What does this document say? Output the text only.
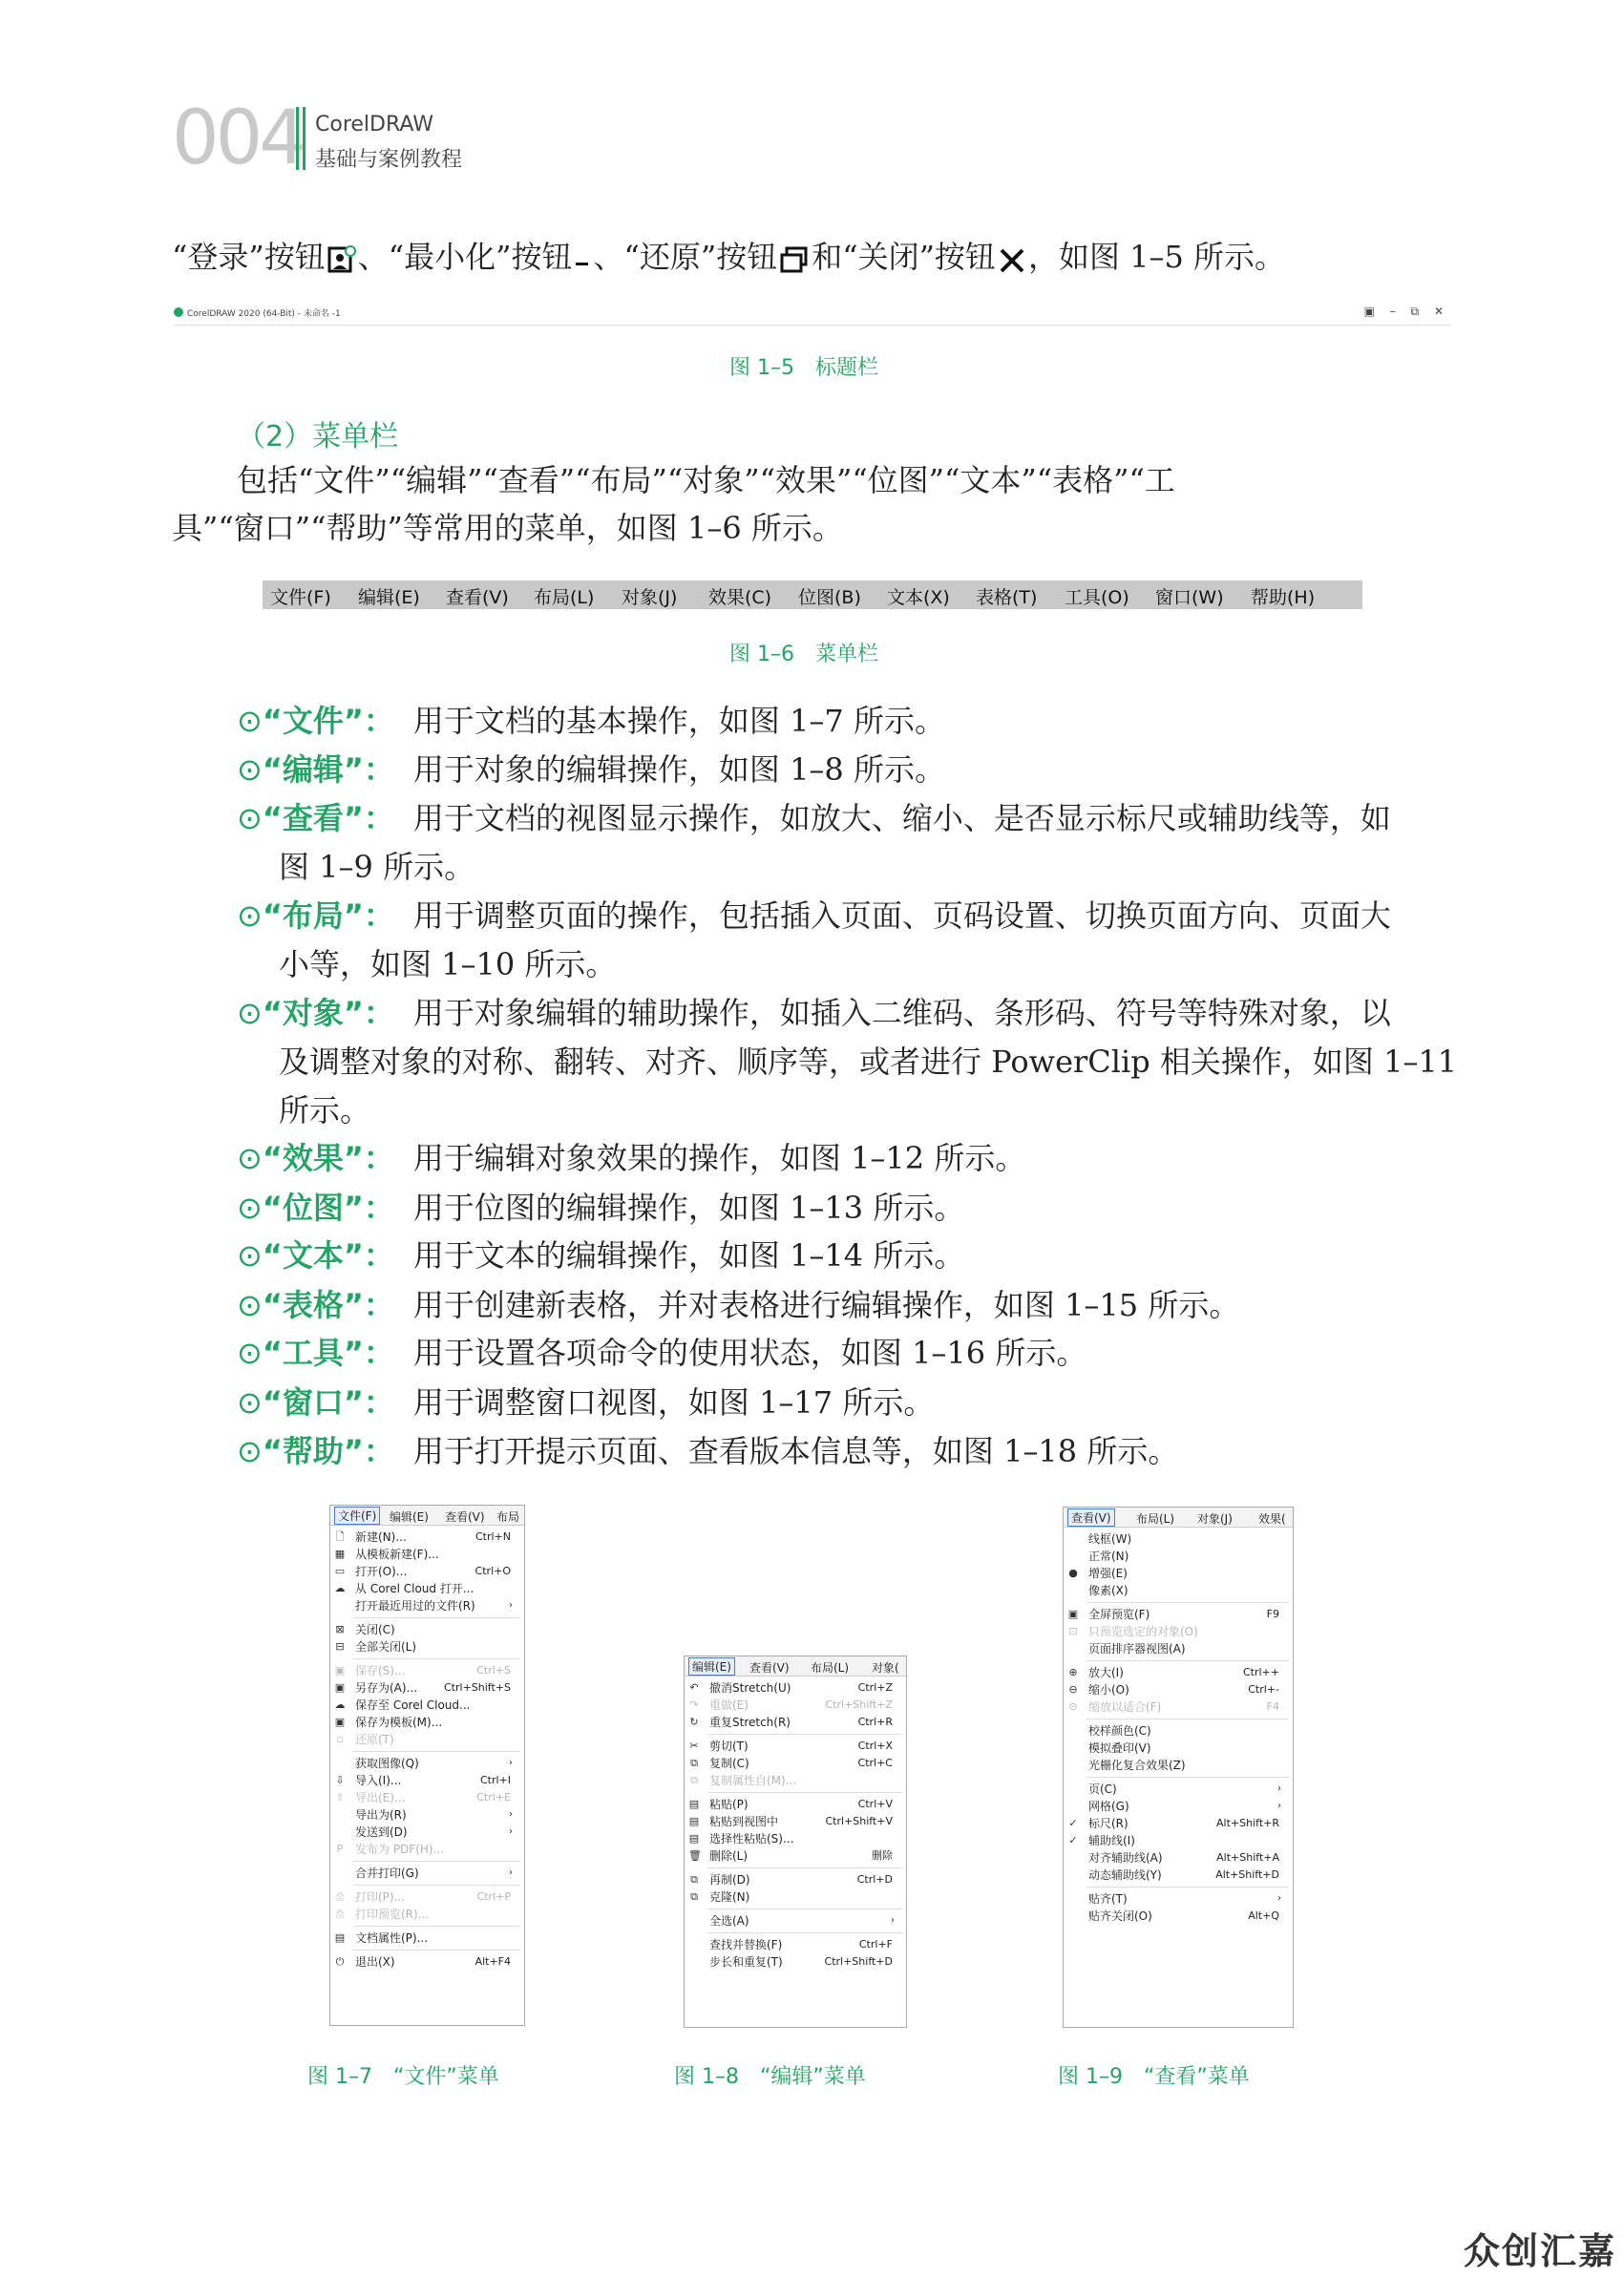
004 CorelDRAW
基础与案例教程
“登录”按钮 、“最小化”按钮 、“还原”按钮 和“关闭”按钮 ，如图 1–5 所示。
CorelDRAW 2020 (64-Bit) - 未命名 -1	▣ – ⧉ ✕
图 1–5　标题栏
（2）菜单栏
包括“文件”“编辑”“查看”“布局”“对象”“效果”“位图”“文本”“表格”“工
具”“窗口”“帮助”等常用的菜单，如图 1–6 所示。
文件(F) 编辑(E) 查看(V) 布局(L) 对象(J) 效果(C) 位图(B) 文本(X) 表格(T) 工具(O) 窗口(W) 帮助(H)
图 1–6　菜单栏
⊙“文件”： 用于文档的基本操作，如图 1–7 所示。
⊙“编辑”： 用于对象的编辑操作，如图 1–8 所示。
⊙“查看”： 用于文档的视图显示操作，如放大、缩小、是否显示标尺或辅助线等，如
图 1–9 所示。
⊙“布局”： 用于调整页面的操作，包括插入页面、页码设置、切换页面方向、页面大
小等，如图 1–10 所示。
⊙“对象”： 用于对象编辑的辅助操作，如插入二维码、条形码、符号等特殊对象，以
及调整对象的对称、翻转、对齐、顺序等，或者进行 PowerClip 相关操作，如图 1–11
所示。
⊙“效果”： 用于编辑对象效果的操作，如图 1–12 所示。
⊙“位图”： 用于位图的编辑操作，如图 1–13 所示。
⊙“文本”： 用于文本的编辑操作，如图 1–14 所示。
⊙“表格”： 用于创建新表格，并对表格进行编辑操作，如图 1–15 所示。
⊙“工具”： 用于设置各项命令的使用状态，如图 1–16 所示。
⊙“窗口”： 用于调整窗口视图，如图 1–17 所示。
⊙“帮助”： 用于打开提示页面、查看版本信息等，如图 1–18 所示。
文件(F)	编辑(E) 查看(V) 布局
🗋 新建(N)...	Ctrl+N
▦ 从模板新建(F)...
▭ 打开(O)...	Ctrl+O
☁ 从 Corel Cloud 打开...
打开最近用过的文件(R)	›
⊠ 关闭(C)
⊟ 全部关闭(L)
▣ 保存(S)...	Ctrl+S
▣ 另存为(A)...	Ctrl+Shift+S
☁ 保存至 Corel Cloud...
▣ 保存为模板(M)...
▫ 还原(T)
获取图像(Q)	›
⇩ 导入(I)...	Ctrl+I
⇧ 导出(E)...	Ctrl+E
导出为(R)	›
发送到(D)	›
P 发布为 PDF(H)...
合并打印(G)	›
⎙ 打印(P)...	Ctrl+P
⎙ 打印预览(R)...
▤ 文档属性(P)...
⏻ 退出(X)	Alt+F4
编辑(E)	查看(V) 布局(L) 对象(
↶ 撤消Stretch(U)	Ctrl+Z
↷ 重做(E)	Ctrl+Shift+Z
↻ 重复Stretch(R)	Ctrl+R
✂ 剪切(T)	Ctrl+X
⧉ 复制(C)	Ctrl+C
⧉ 复制属性自(M)...
▤ 粘贴(P)	Ctrl+V
▤ 粘贴到视图中	Ctrl+Shift+V
▤ 选择性粘贴(S)...
🗑 删除(L)	删除
⧉ 再制(D)	Ctrl+D
⧉ 克隆(N)
全选(A)	›
查找并替换(F)	Ctrl+F
步长和重复(T)	Ctrl+Shift+D
查看(V)	布局(L) 对象(J) 效果(
线框(W)
正常(N)
● 增强(E)
像素(X)
▣ 全屏预览(F)	F9
⊡ 只预览选定的对象(O)
页面排序器视图(A)
⊕ 放大(I)	Ctrl++
⊖ 缩小(O)	Ctrl+-
⊙ 缩放以适合(F)	F4
校样颜色(C)
模拟叠印(V)
光栅化复合效果(Z)
页(C)	›
网格(G)	›
✓ 标尺(R)	Alt+Shift+R
✓ 辅助线(I)
对齐辅助线(A)	Alt+Shift+A
动态辅助线(Y)	Alt+Shift+D
贴齐(T)	›
贴齐关闭(O)	Alt+Q
图 1–7　“文件”菜单	图 1–8　“编辑”菜单	图 1–9　“查看”菜单
众创汇嘉
